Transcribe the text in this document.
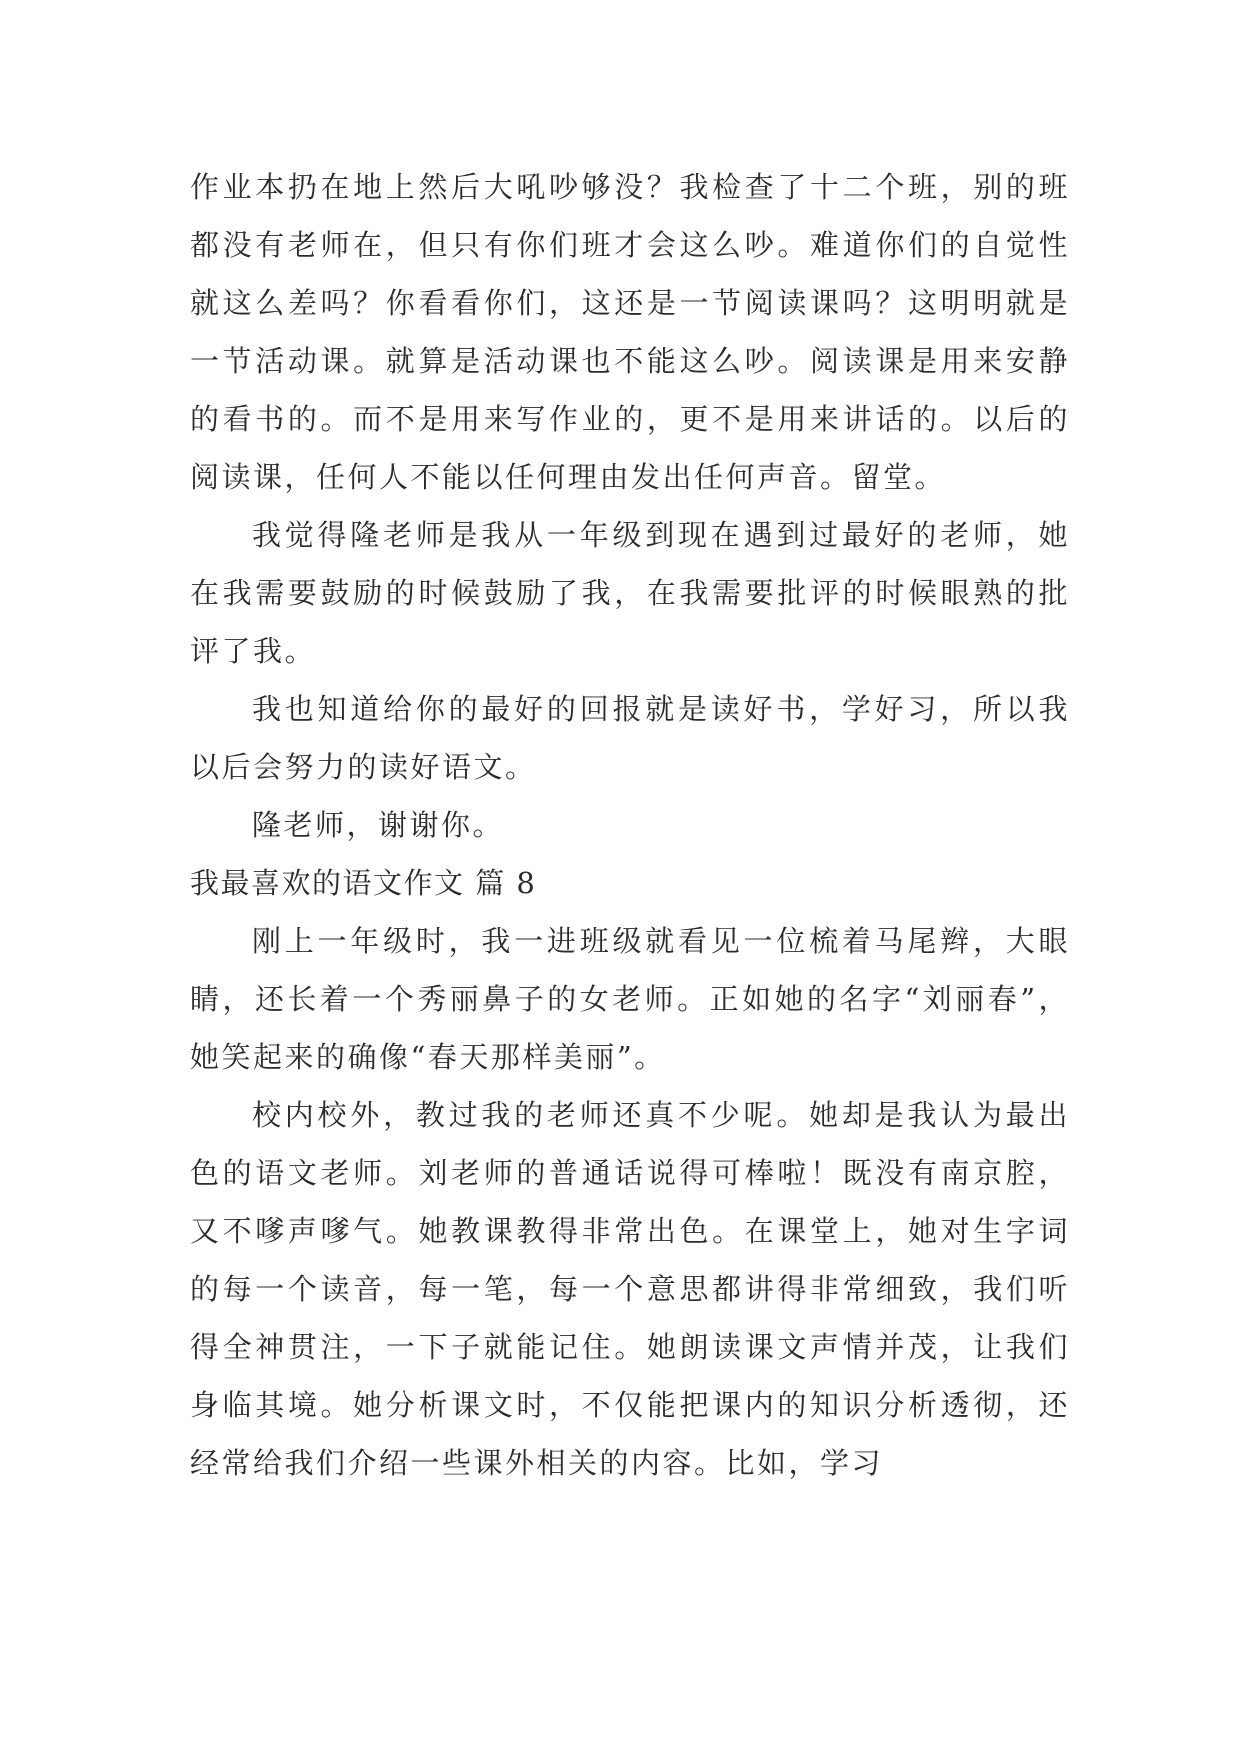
作业本扔在地上然后大吼吵够没？我检查了十二个班，别的班都没有老师在，但只有你们班才会这么吵。难道你们的自觉性就这么差吗？你看看你们，这还是一节阅读课吗？这明明就是一节活动课。就算是活动课也不能这么吵。阅读课是用来安静的看书的。而不是用来写作业的，更不是用来讲话的。以后的阅读课，任何人不能以任何理由发出任何声音。留堂。

我觉得隆老师是我从一年级到现在遇到过最好的老师，她在我需要鼓励的时候鼓励了我，在我需要批评的时候眼熟的批评了我。

我也知道给你的最好的回报就是读好书，学好习，所以我以后会努力的读好语文。

隆老师，谢谢你。

我最喜欢的语文作文 篇 8

刚上一年级时，我一进班级就看见一位梳着马尾辫，大眼睛，还长着一个秀丽鼻子的女老师。正如她的名字“刘丽春”，她笑起来的确像“春天那样美丽”。

校内校外，教过我的老师还真不少呢。她却是我认为最出色的语文老师。刘老师的普通话说得可棒啦！既没有南京腔，又不嗲声嗲气。她教课教得非常出色。在课堂上，她对生字词的每一个读音，每一笔，每一个意思都讲得非常细致，我们听得全神贯注，一下子就能记住。她朗读课文声情并茂，让我们身临其境。她分析课文时，不仅能把课内的知识分析透彻，还经常给我们介绍一些课外相关的内容。比如，学习
